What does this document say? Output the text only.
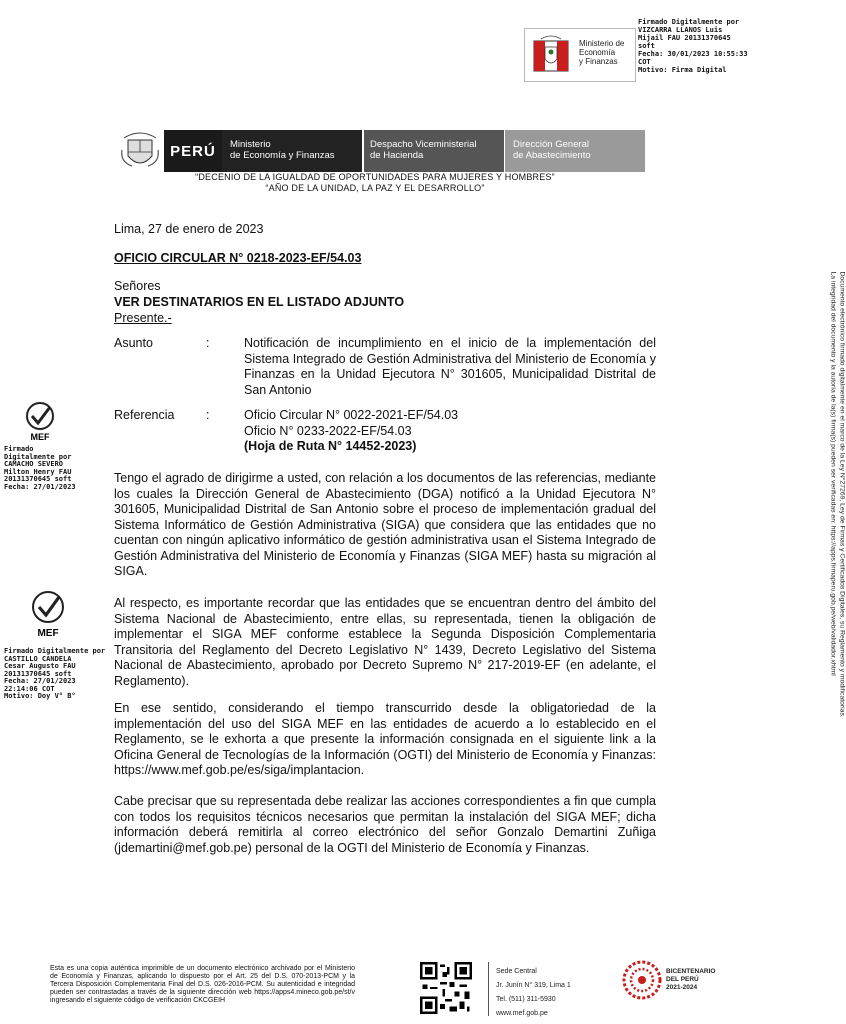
Ministerio de
Economía
y Finanzas
Firmado Digitalmente por
VIZCARRA LLANOS Luis
Mijail FAU 20131370645
soft
Fecha: 30/01/2023 10:55:33
COT
Motivo: Firma Digital
PERÚ Ministerio
de Economía y Finanzas
Despacho Viceministerial
de Hacienda
Dirección General
de Abastecimiento
“DECENIO DE LA IGUALDAD DE OPORTUNIDADES PARA MUJERES Y HOMBRES”
“AÑO DE LA UNIDAD, LA PAZ Y EL DESARROLLO”
Lima, 27 de enero de 2023
OFICIO CIRCULAR N° 0218-2023-EF/54.03
Señores
VER DESTINATARIOS EN EL LISTADO ADJUNTO
Presente.-
Asunto	:	Notificación de incumplimiento en el inicio de la implementación del Sistema Integrado de Gestión Administrativa del Ministerio de Economía y Finanzas en la Unidad Ejecutora N° 301605, Municipalidad Distrital de San Antonio
Referencia	:	Oficio Circular N° 0022-2021-EF/54.03
Oficio N° 0233-2022-EF/54.03
(Hoja de Ruta N° 14452-2023)
Tengo el agrado de dirigirme a usted, con relación a los documentos de las referencias, mediante los cuales la Dirección General de Abastecimiento (DGA) notificó a la Unidad Ejecutora N° 301605, Municipalidad Distrital de San Antonio sobre el proceso de implementación gradual del Sistema Informático de Gestión Administrativa (SIGA) que considera que las entidades que no cuentan con ningún aplicativo informático de gestión administrativa usan el Sistema Integrado de Gestión Administrativa del Ministerio de Economía y Finanzas (SIGA MEF) hasta su migración al SIGA.
Al respecto, es importante recordar que las entidades que se encuentran dentro del ámbito del Sistema Nacional de Abastecimiento, entre ellas, su representada, tienen la obligación de implementar el SIGA MEF conforme establece la Segunda Disposición Complementaria Transitoria del Reglamento del Decreto Legislativo N° 1439, Decreto Legislativo del Sistema Nacional de Abastecimiento, aprobado por Decreto Supremo N° 217-2019-EF (en adelante, el Reglamento).
En ese sentido, considerando el tiempo transcurrido desde la obligatoriedad de la implementación del uso del SIGA MEF en las entidades de acuerdo a lo establecido en el Reglamento, se le exhorta a que presente la información consignada en el siguiente link a la Oficina General de Tecnologías de la Información (OGTI) del Ministerio de Economía y Finanzas: https://www.mef.gob.pe/es/siga/implantacion.
Cabe precisar que su representada debe realizar las acciones correspondientes a fin que cumpla con todos los requisitos técnicos necesarios que permitan la instalación del SIGA MEF; dicha información deberá remitirla al correo electrónico del señor Gonzalo Demartini Zuñiga (jdemartini@mef.gob.pe) personal de la OGTI del Ministerio de Economía y Finanzas.
MEF
Firmado
Digitalmente por
CAMACHO SEVERO
Milton Henry FAU
20131370645 soft
Fecha: 27/01/2023
MEF
Firmado Digitalmente por
CASTILLO CANDELA
Cesar Augusto FAU
20131370645 soft
Fecha: 27/01/2023
22:14:06 COT
Motivo: Doy V° B°	Documento electrónico firmado digitalmente en el marco de la Ley N°27269, Ley de Firmas y Certificados Digitales, su Reglamento y modificatorias.
La integridad del documento y la autoría de la(s) firma(s) pueden ser verificadas en: https://apps.firmaperu.gob.pe/web/validador.xhtml
Esta es una copia auténtica imprimible de un documento electrónico archivado por el Ministerio de Economía y Finanzas, aplicando lo dispuesto por el Art. 25 del D.S. 070-2013-PCM y la Tercera Disposición Complementaria Final del D.S. 026-2016-PCM. Su autenticidad e integridad pueden ser contrastadas a través de la siguiente dirección web https://apps4.mineco.gob.pe/st/v ingresando el siguiente código de verificación CKCGEIH
Sede Central
Jr. Junín N° 319, Lima 1
Tel. (511) 311-5930
www.mef.gob.pe
BICENTENARIO
DEL PERÚ
2021-2024
